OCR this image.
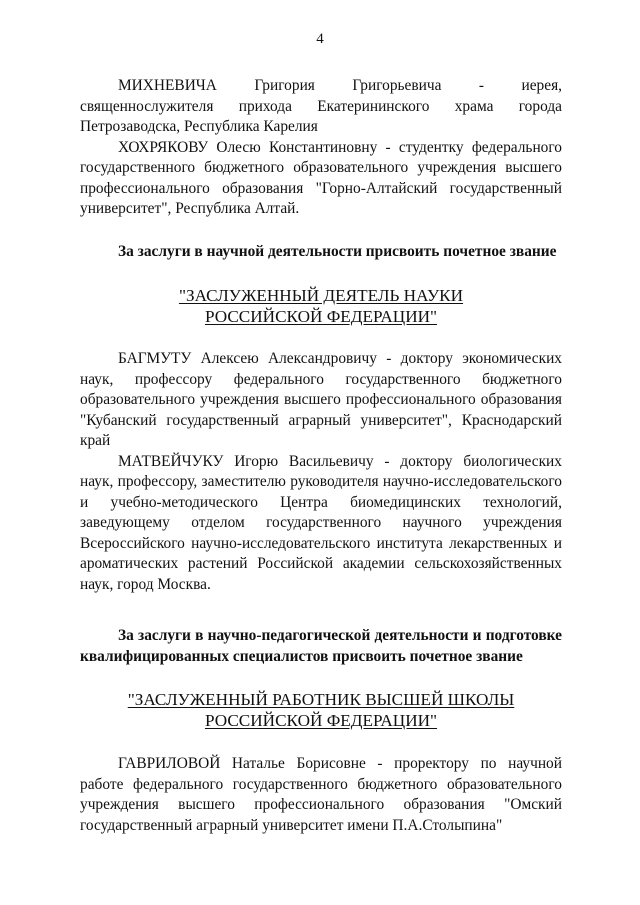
4

МИХНЕВИЧА Григория Григорьевича - иерея, священнослужителя прихода Екатерининского храма города Петрозаводска, Республика Карелия

ХОХРЯКОВУ Олесю Константиновну - студентку федерального государственного бюджетного образовательного учреждения высшего профессионального образования "Горно-Алтайский государственный университет", Республика Алтай.

За заслуги в научной деятельности присвоить почетное звание

"ЗАСЛУЖЕННЫЙ ДЕЯТЕЛЬ НАУКИ
РОССИЙСКОЙ ФЕДЕРАЦИИ"

БАГМУТУ Алексею Александровичу - доктору экономических наук, профессору федерального государственного бюджетного образовательного учреждения высшего профессионального образования "Кубанский государственный аграрный университет", Краснодарский край

МАТВЕЙЧУКУ Игорю Васильевичу - доктору биологических наук, профессору, заместителю руководителя научно-исследовательского и учебно-методического Центра биомедицинских технологий, заведующему отделом государственного научного учреждения Всероссийского научно-исследовательского института лекарственных и ароматических растений Российской академии сельскохозяйственных наук, город Москва.

За заслуги в научно-педагогической деятельности и подготовке квалифицированных специалистов присвоить почетное звание

"ЗАСЛУЖЕННЫЙ РАБОТНИК ВЫСШЕЙ ШКОЛЫ
РОССИЙСКОЙ ФЕДЕРАЦИИ"

ГАВРИЛОВОЙ Наталье Борисовне - проректору по научной работе федерального государственного бюджетного образовательного учреждения высшего профессионального образования "Омский государственный аграрный университет имени П.А.Столыпина"
